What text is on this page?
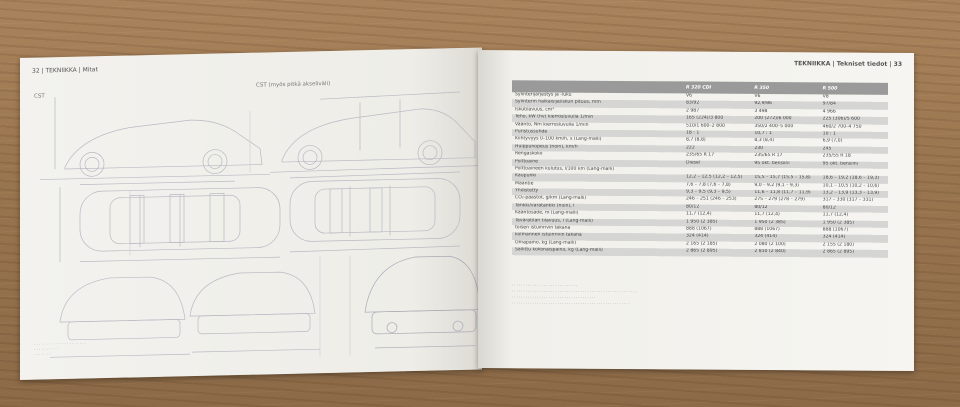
32 | TEKNIIKKA | Mitat
CST
CST (myös pitkä akseliväli)
· · · · · · · · · · · · · · · · · · · · ·
· · · · · · · · · ·
· · · · · · ·
TEKNIIKKA | Tekniset tiedot | 33
	R 320 CDI	R 350	R 500
Sylinterijärjestys ja -luku	V6	V6	V8
Sylinterin halkaisija/iskun pituus, mm	83/92	92,9/86	97/84
Iskutilavuus, cm³	2 987	3 498	4 966
Teho, kW (hv) kierrosluvulla 1/min	165 (224)/3 800	200 (272)/6 000	225 (306)/5 600
Vääntö, Nm kierrosluvulla 1/min	510/1 600–2 800	350/2 400–5 000	460/2 700–4 750
Puristussuhde	18 : 1	10,7 : 1	10 : 1
Kiihtyvyys 0–100 km/h, s (Lang-malli)	8,7 (8,8)	8,3 (8,4)	6,9 (7,0)
Huippunopeus (noin), km/h	222	230	245
Rengaskoko	235/65 R 17	235/65 R 17	235/55 R 18
Polttoaine	Diesel	95 okt. bensiini	95 okt. bensiini
Polttoaineen kulutus, l/100 km (Lang-malli)			
Kaupunki	12,2 – 12,5 (12,2 – 12,5)	15,5 – 15,7 (15,5 – 15,8)	18,6 – 19,2 (18,6 – 19,3)
Maantie	7,6 – 7,8 (7,6 – 7,8)	9,0 – 9,2 (9,1 – 9,3)	10,1 – 10,5 (10,2 – 10,6)
Yhdistetty	9,3 – 9,5 (9,3 – 9,5)	11,6 – 11,8 (11,7 – 11,9)	13,2 – 13,9 (13,3 – 13,9)
CO₂-päästöt, g/km (Lang-malli)	246 – 251 (246 – 253)	275 – 279 (278 – 279)	317 – 330 (317 – 331)
Tankki/varatankki (noin), l	80/12	80/12	80/12
Kääntösäde, m (Lang-malli)	11,7 (12,4)	11,7 (12,4)	11,7 (12,4)
Tavaratilan tilavuus, l (Lang-malli)	1 950 (2 385)	1 950 (2 385)	1 950 (2 385)
toisen istuinrivin takana	888 (1067)	888 (1067)	888 (1067)
kolmannen istuinrivin takana	324 (414)	324 (414)	324 (414)
Omapaino, kg (Lang-malli)	2 165 (2 185)	2 080 (2 100)	2 155 (2 180)
Sallittu kokonaispaino, kg (Lang-malli)	2 865 (2 895)	2 810 (2 840)	2 865 (2 895)
· · · · · · · · · · · · · · · · · · · · · · · · · · · · ·
· · · · · · · · · · · · · · · · · · · · · · · · · · · · · · · · · · · · · · · · · · · · · · · · · · · · · · ·
· · · · · · · · · · · · · · · · · · · · · · · · · · · · · · · · · · · · ·
· · · · · · · · · · · · · · · · · · · · · · · · · · · · · · · · · · · · · · · · · · · · · · · · · · · ·
